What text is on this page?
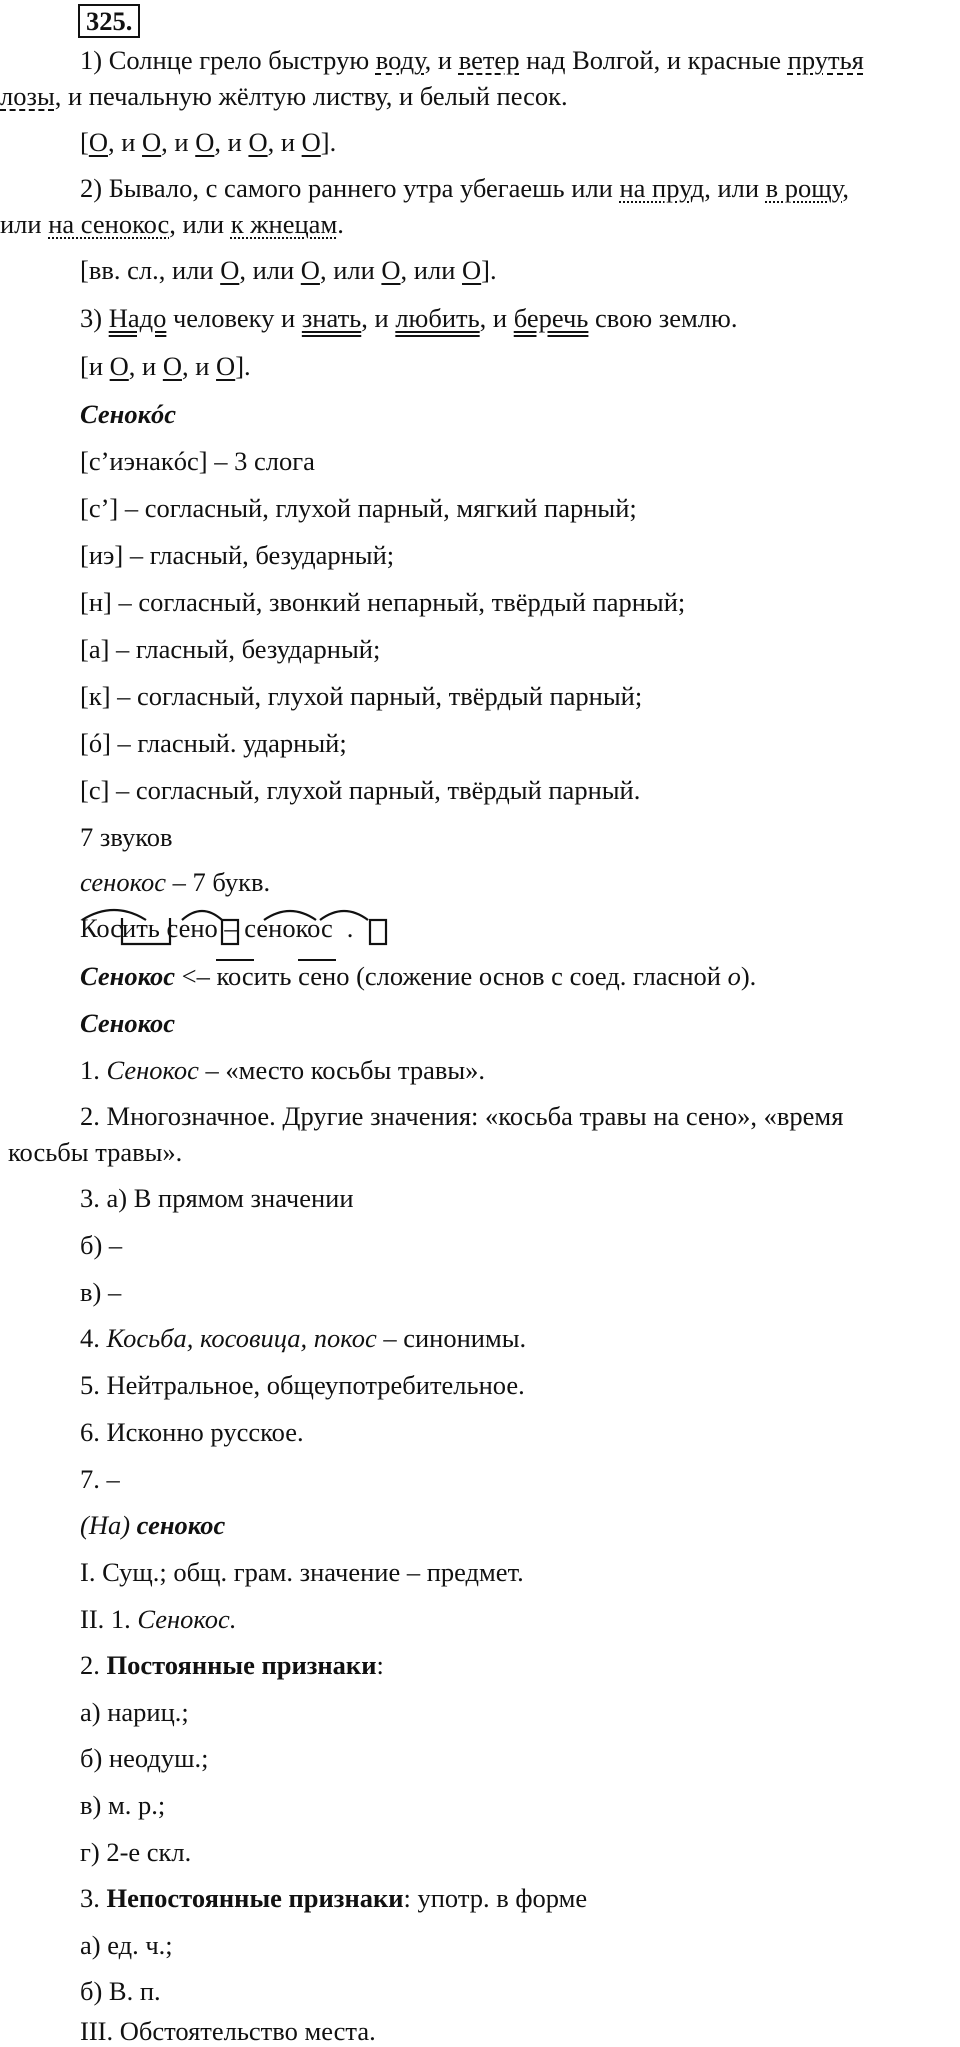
325.
1) Солнце грело быструю воду, и ветер над Волгой, и красные прутья
лозы, и печальную жёлтую листву, и белый песок.
[О, и О, и О, и О, и О].
2) Бывало, с самого раннего утра убегаешь или на пруд, или в рощу,
или на сенокос, или к жнецам.
[вв. сл., или О, или О, или О, или О].
3) Надо человеку и знать, и любить, и беречь свою землю.
[и О, и О, и О].
Сенокóс
[с’иэнакóс] – 3 слога
[с’] – согласный, глухой парный, мягкий парный;
[иэ] – гласный, безударный;
[н] – согласный, звонкий непарный, твёрдый парный;
[а] – гласный, безударный;
[к] – согласный, глухой парный, твёрдый парный;
[ó] – гласный. ударный;
[с] – согласный, глухой парный, твёрдый парный.
7 звуков
сенокос – 7 букв.
Косить сено – сенокос .
Сенокос <– косить сено (сложение основ с соед. гласной о).
Сенокос
1. Сенокос – «место косьбы травы».
2. Многозначное. Другие значения: «косьба травы на сено», «время
косьбы травы».
3. а) В прямом значении
б) –
в) –
4. Косьба, косовица, покос – синонимы.
5. Нейтральное, общеупотребительное.
6. Исконно русское.
7. –
(На) сенокос
I. Сущ.; общ. грам. значение – предмет.
II. 1. Сенокос.
2. Постоянные признаки:
а) нариц.;
б) неодуш.;
в) м. р.;
г) 2-е скл.
3. Непостоянные признаки: употр. в форме
а) ед. ч.;
б) В. п.
III. Обстоятельство места.
